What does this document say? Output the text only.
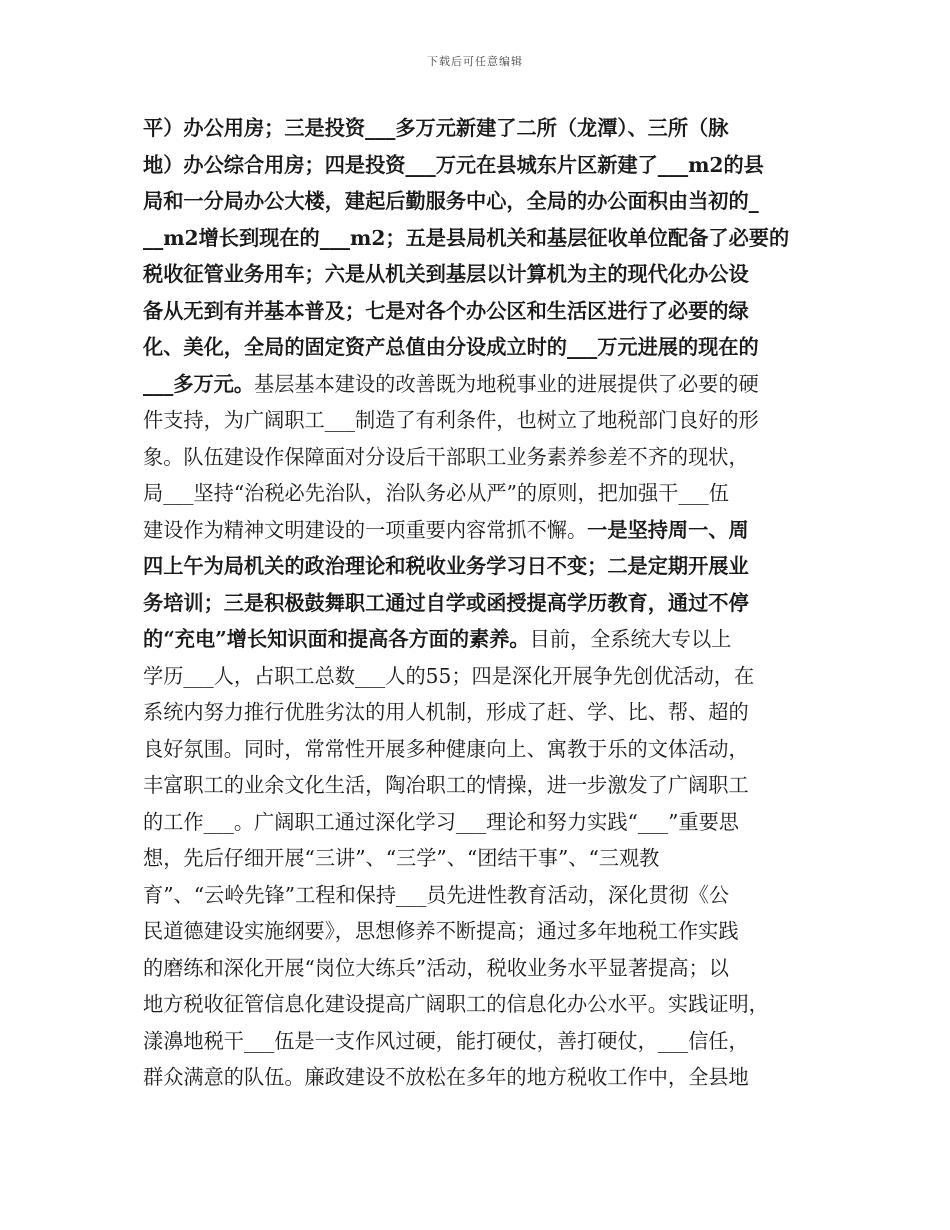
下载后可任意编辑
平）办公用房；三是投资___多万元新建了二所（龙潭）、三所（脉
地）办公综合用房；四是投资___万元在县城东片区新建了___m2的县
局和一分局办公大楼，建起后勤服务中心，全局的办公面积由当初的_
__m2增长到现在的___m2；五是县局机关和基层征收单位配备了必要的
税收征管业务用车；六是从机关到基层以计算机为主的现代化办公设
备从无到有并基本普及；七是对各个办公区和生活区进行了必要的绿
化、美化，全局的固定资产总值由分设成立时的___万元进展的现在的
___多万元。基层基本建设的改善既为地税事业的进展提供了必要的硬
件支持，为广阔职工___制造了有利条件，也树立了地税部门良好的形
象。队伍建设作保障面对分设后干部职工业务素养参差不齐的现状，
局___坚持“治税必先治队，治队务必从严”的原则，把加强干___伍
建设作为精神文明建设的一项重要内容常抓不懈。一是坚持周一、周
四上午为局机关的政治理论和税收业务学习日不变；二是定期开展业
务培训；三是积极鼓舞职工通过自学或函授提高学历教育，通过不停
的“充电”增长知识面和提高各方面的素养。目前，全系统大专以上
学历___人，占职工总数___人的55；四是深化开展争先创优活动，在
系统内努力推行优胜劣汰的用人机制，形成了赶、学、比、帮、超的
良好氛围。同时，常常性开展多种健康向上、寓教于乐的文体活动，
丰富职工的业余文化生活，陶冶职工的情操，进一步激发了广阔职工
的工作___。广阔职工通过深化学习___理论和努力实践“___”重要思
想，先后仔细开展“三讲”、“三学”、“团结干事”、“三观教
育”、“云岭先锋”工程和保持___员先进性教育活动，深化贯彻《公
民道德建设实施纲要》，思想修养不断提高；通过多年地税工作实践
的磨练和深化开展“岗位大练兵”活动，税收业务水平显著提高；以
地方税收征管信息化建设提高广阔职工的信息化办公水平。实践证明，
漾濞地税干___伍是一支作风过硬，能打硬仗，善打硬仗，___信任，
群众满意的队伍。廉政建设不放松在多年的地方税收工作中，全县地
